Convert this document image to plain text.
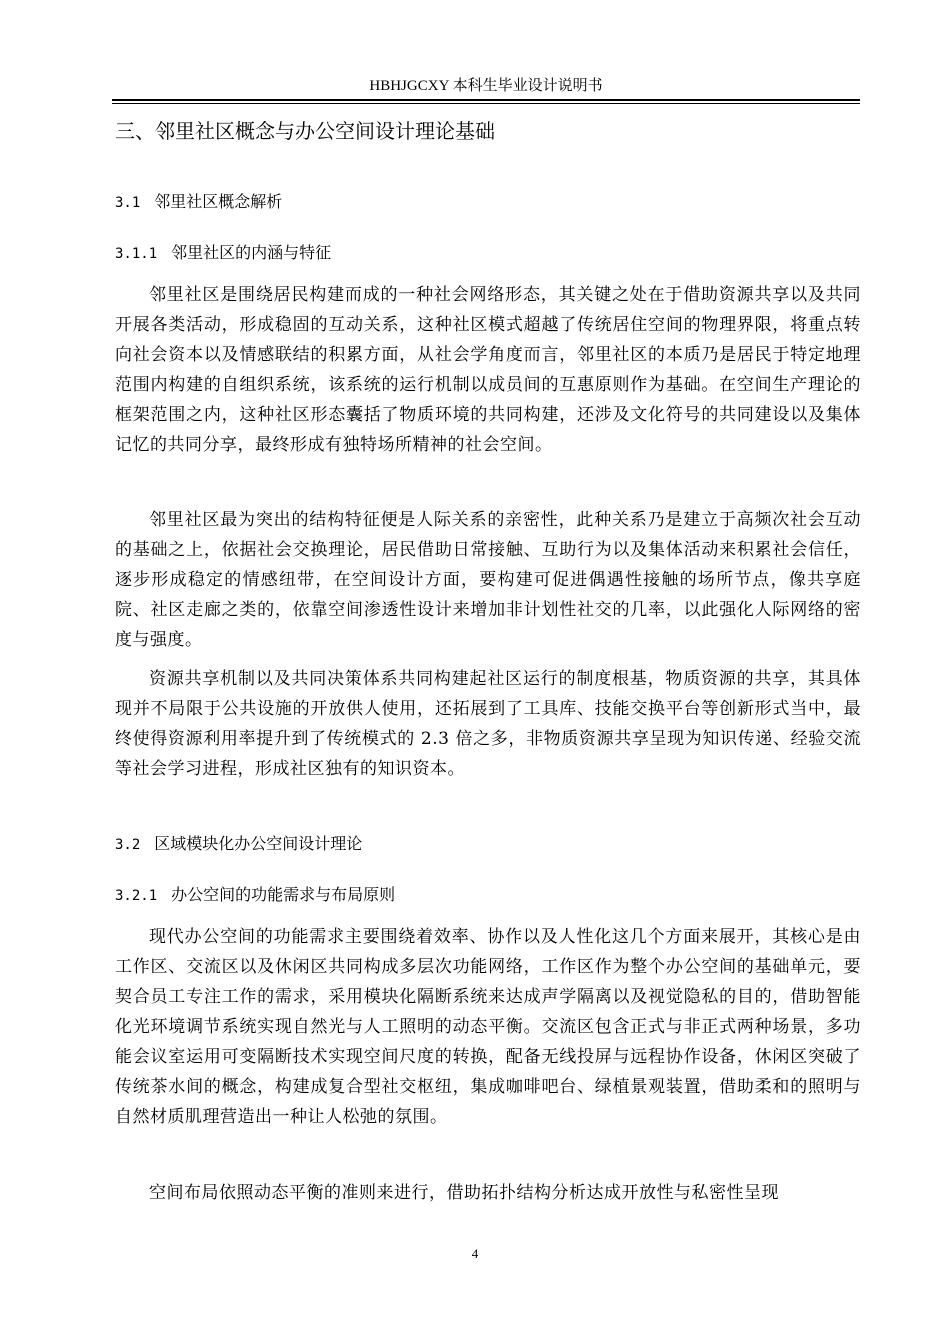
HBHJGCXY 本科生毕业设计说明书
三、邻里社区概念与办公空间设计理论基础
3.1 邻里社区概念解析
3.1.1 邻里社区的内涵与特征

邻里社区是围绕居民构建而成的一种社会网络形态，其关键之处在于借助资源共享以及共同开展各类活动，形成稳固的互动关系，这种社区模式超越了传统居住空间的物理界限，将重点转向社会资本以及情感联结的积累方面，从社会学角度而言，邻里社区的本质乃是居民于特定地理范围内构建的自组织系统，该系统的运行机制以成员间的互惠原则作为基础。在空间生产理论的框架范围之内，这种社区形态囊括了物质环境的共同构建，还涉及文化符号的共同建设以及集体记忆的共同分享，最终形成有独特场所精神的社会空间。

邻里社区最为突出的结构特征便是人际关系的亲密性，此种关系乃是建立于高频次社会互动的基础之上，依据社会交换理论，居民借助日常接触、互助行为以及集体活动来积累社会信任，逐步形成稳定的情感纽带，在空间设计方面，要构建可促进偶遇性接触的场所节点，像共享庭院、社区走廊之类的，依靠空间渗透性设计来增加非计划性社交的几率，以此强化人际网络的密度与强度。

资源共享机制以及共同决策体系共同构建起社区运行的制度根基，物质资源的共享，其具体现并不局限于公共设施的开放供人使用，还拓展到了工具库、技能交换平台等创新形式当中，最终使得资源利用率提升到了传统模式的 2.3 倍之多，非物质资源共享呈现为知识传递、经验交流等社会学习进程，形成社区独有的知识资本。

3.2 区域模块化办公空间设计理论
3.2.1 办公空间的功能需求与布局原则

现代办公空间的功能需求主要围绕着效率、协作以及人性化这几个方面来展开，其核心是由工作区、交流区以及休闲区共同构成多层次功能网络，工作区作为整个办公空间的基础单元，要契合员工专注工作的需求，采用模块化隔断系统来达成声学隔离以及视觉隐私的目的，借助智能化光环境调节系统实现自然光与人工照明的动态平衡。交流区包含正式与非正式两种场景，多功能会议室运用可变隔断技术实现空间尺度的转换，配备无线投屏与远程协作设备，休闲区突破了传统茶水间的概念，构建成复合型社交枢纽，集成咖啡吧台、绿植景观装置，借助柔和的照明与自然材质肌理营造出一种让人松弛的氛围。

空间布局依照动态平衡的准则来进行，借助拓扑结构分析达成开放性与私密性呈现

4
